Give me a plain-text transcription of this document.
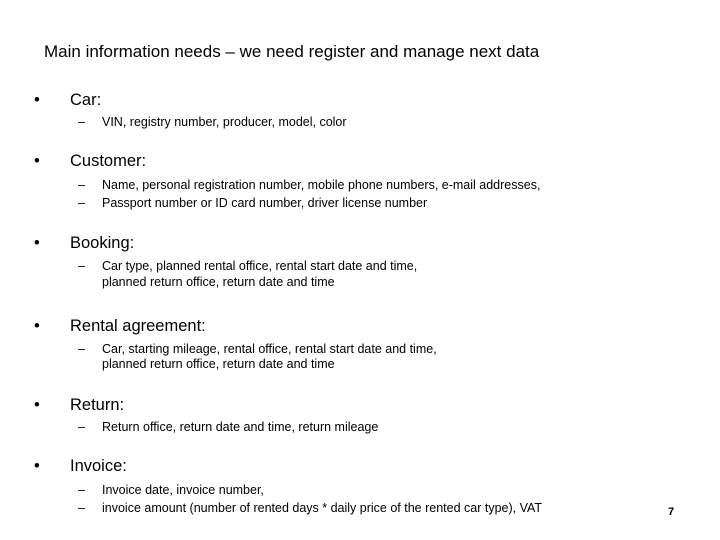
Main information needs – we need register and manage next data
• Car:
– VIN, registry number, producer, model, color
• Customer:
– Name, personal registration number, mobile phone numbers, e-mail addresses,
– Passport number or ID card number, driver license number
• Booking:
– Car type, planned rental office, rental start date and time,
planned return office, return date and time
• Rental agreement:
– Car, starting mileage, rental office, rental start date and time,
planned return office, return date and time
• Return:
– Return office, return date and time, return mileage
• Invoice:
– Invoice date, invoice number,
– invoice amount (number of rented days * daily price of the rented car type), VAT	7
